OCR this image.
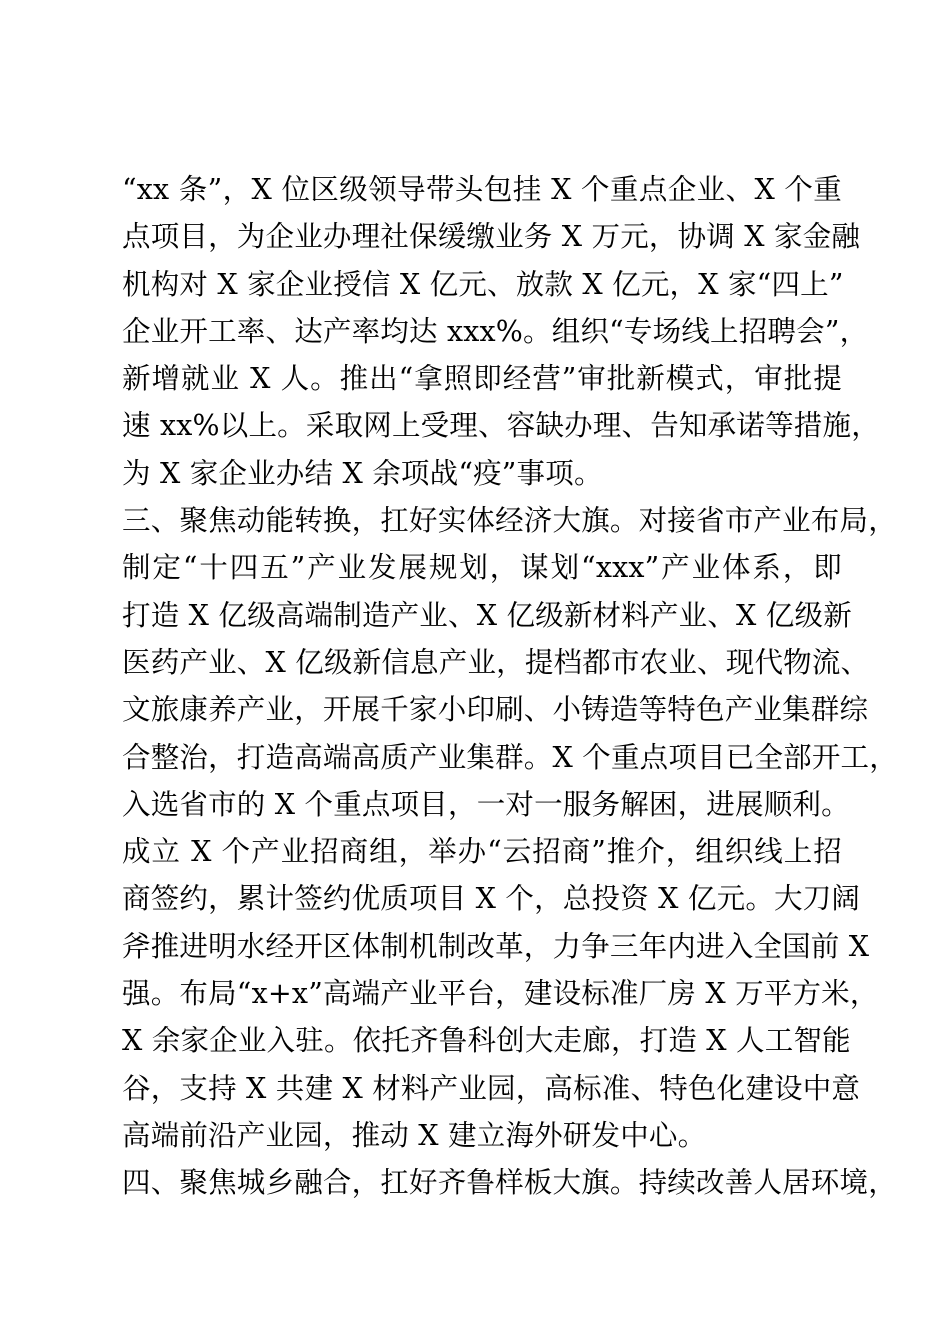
“xx 条”，X 位区级领导带头包挂 X 个重点企业、X 个重
点项目，为企业办理社保缓缴业务 X 万元，协调 X 家金融
机构对 X 家企业授信 X 亿元、放款 X 亿元，X 家“四上”
企业开工率、达产率均达 xxx%。组织“专场线上招聘会”，
新增就业 X 人。推出“拿照即经营”审批新模式，审批提
速 xx%以上。采取网上受理、容缺办理、告知承诺等措施，
为 X 家企业办结 X 余项战“疫”事项。
三、聚焦动能转换，扛好实体经济大旗。对接省市产业布局，
制定“十四五”产业发展规划，谋划“xxx”产业体系，即
打造 X 亿级高端制造产业、X 亿级新材料产业、X 亿级新
医药产业、X 亿级新信息产业，提档都市农业、现代物流、
文旅康养产业，开展千家小印刷、小铸造等特色产业集群综
合整治，打造高端高质产业集群。X 个重点项目已全部开工，
入选省市的 X 个重点项目，一对一服务解困，进展顺利。
成立 X 个产业招商组，举办“云招商”推介，组织线上招
商签约，累计签约优质项目 X 个，总投资 X 亿元。大刀阔
斧推进明水经开区体制机制改革，力争三年内进入全国前 X
强。布局“x+x”高端产业平台，建设标准厂房 X 万平方米，
X 余家企业入驻。依托齐鲁科创大走廊，打造 X 人工智能
谷，支持 X 共建 X 材料产业园，高标准、特色化建设中意
高端前沿产业园，推动 X 建立海外研发中心。
四、聚焦城乡融合，扛好齐鲁样板大旗。持续改善人居环境，
